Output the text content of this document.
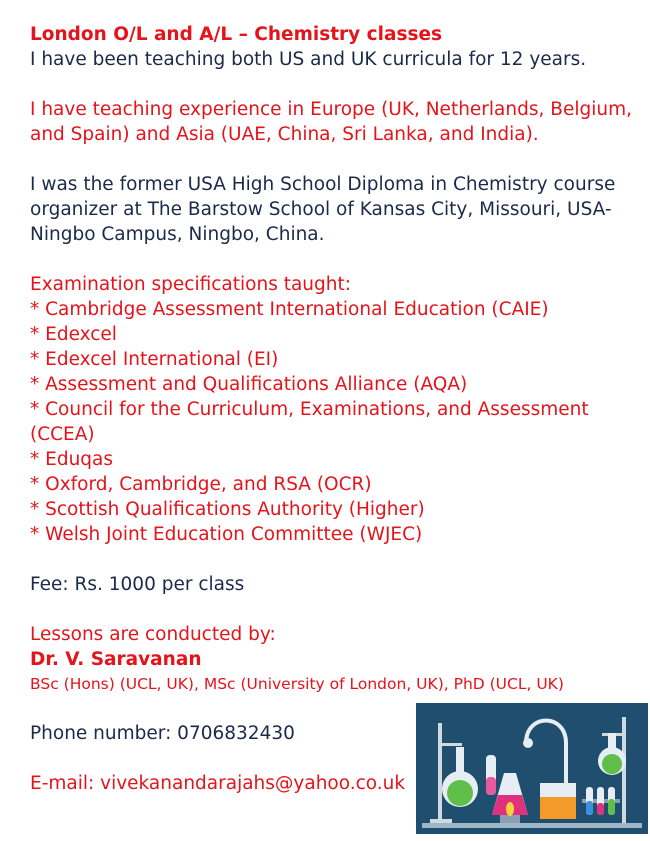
London O/L and A/L – Chemistry classes
I have been teaching both US and UK curricula for 12 years.
I have teaching experience in Europe (UK, Netherlands, Belgium, and Spain) and Asia (UAE, China, Sri Lanka, and India).
I was the former USA High School Diploma in Chemistry course organizer at The Barstow School of Kansas City, Missouri, USA-Ningbo Campus, Ningbo, China.
Examination specifications taught:
* Cambridge Assessment International Education (CAIE)
* Edexcel
* Edexcel International (EI)
* Assessment and Qualifications Alliance (AQA)
* Council for the Curriculum, Examinations, and Assessment (CCEA)
* Eduqas
* Oxford, Cambridge, and RSA (OCR)
* Scottish Qualifications Authority (Higher)
* Welsh Joint Education Committee (WJEC)
Fee: Rs. 1000 per class
Lessons are conducted by:
Dr. V. Saravanan
BSc (Hons) (UCL, UK), MSc (University of London, UK), PhD (UCL, UK)
Phone number: 0706832430
E-mail: vivekanandarajahs@yahoo.co.uk
